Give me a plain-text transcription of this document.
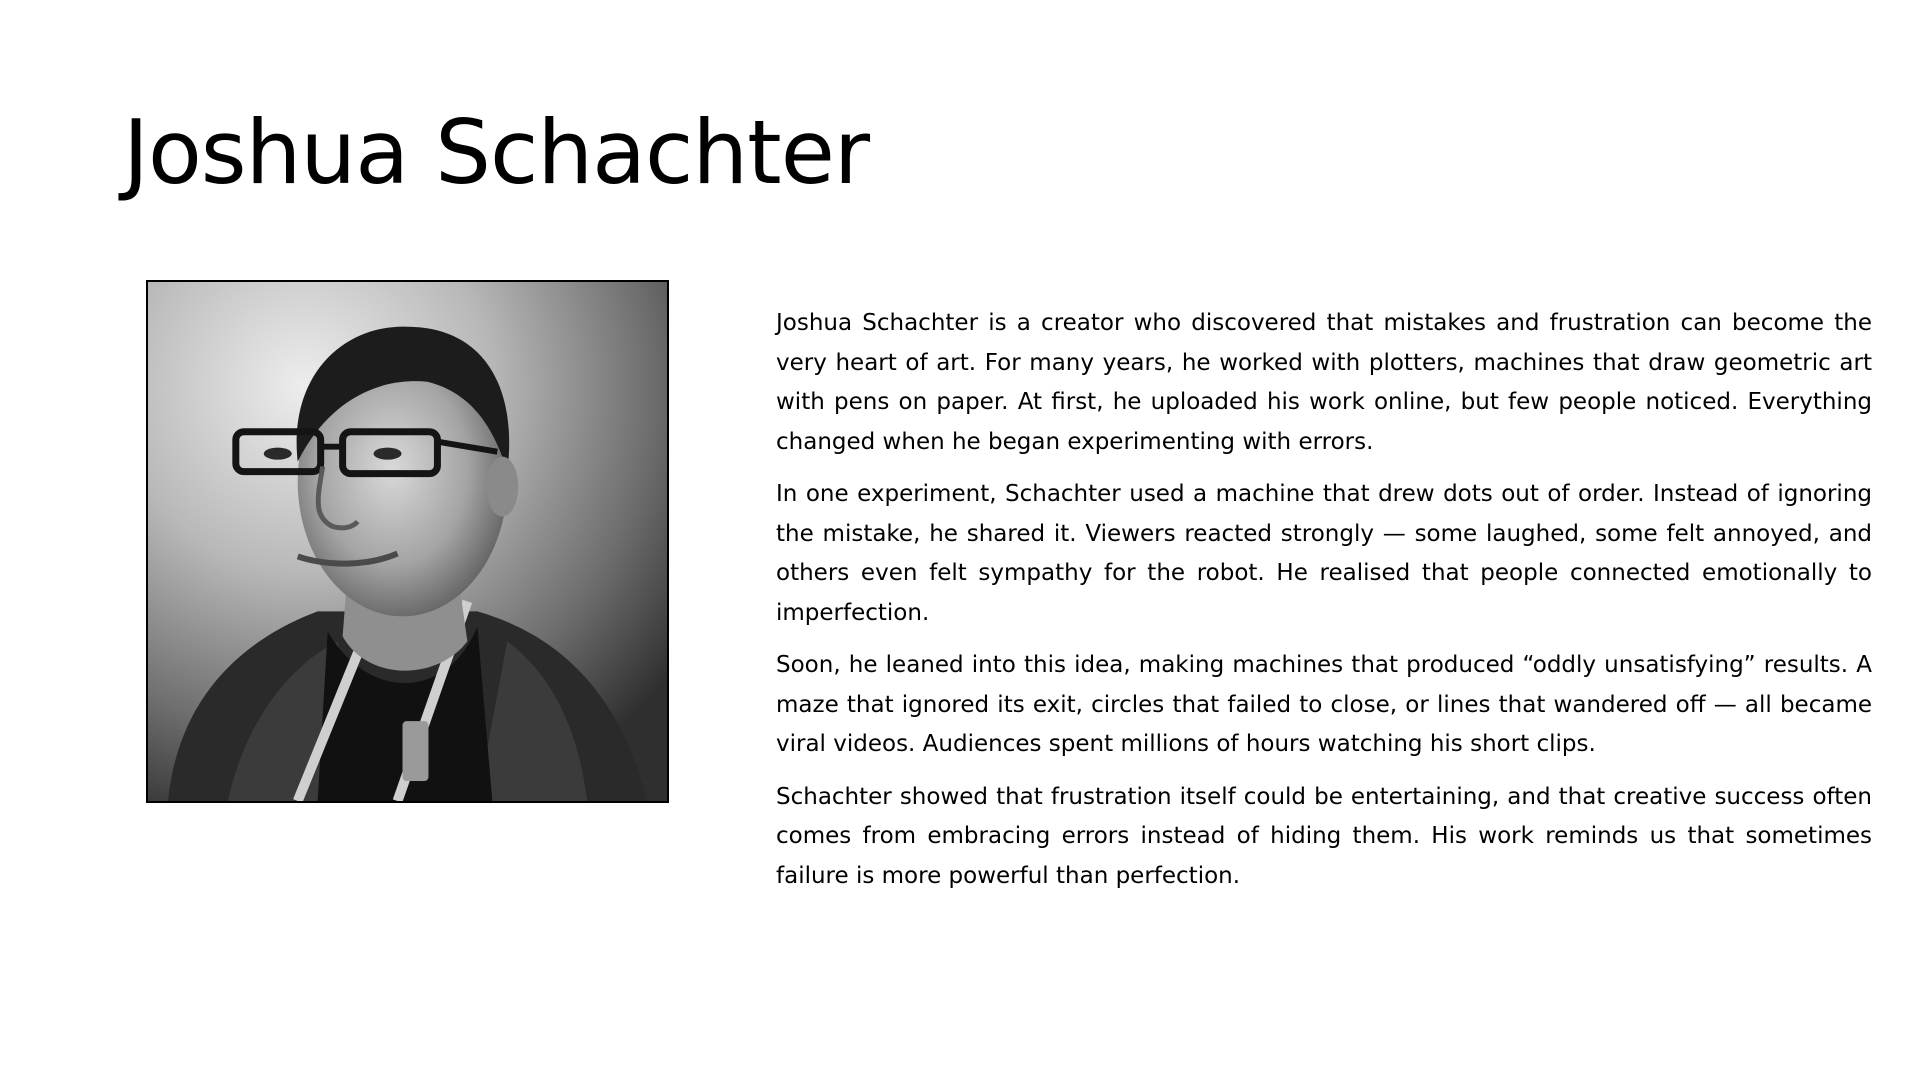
Joshua Schachter

Joshua Schachter is a creator who discovered that mistakes and frustration can become the very heart of art. For many years, he worked with plotters, machines that draw geometric art with pens on paper. At first, he uploaded his work online, but few people noticed. Everything changed when he began experimenting with errors.

In one experiment, Schachter used a machine that drew dots out of order. Instead of ignoring the mistake, he shared it. Viewers reacted strongly — some laughed, some felt annoyed, and others even felt sympathy for the robot. He realised that people connected emotionally to imperfection.

Soon, he leaned into this idea, making machines that produced “oddly unsatisfying” results. A maze that ignored its exit, circles that failed to close, or lines that wandered off — all became viral videos. Audiences spent millions of hours watching his short clips.

Schachter showed that frustration itself could be entertaining, and that creative success often comes from embracing errors instead of hiding them. His work reminds us that sometimes failure is more powerful than perfection.
